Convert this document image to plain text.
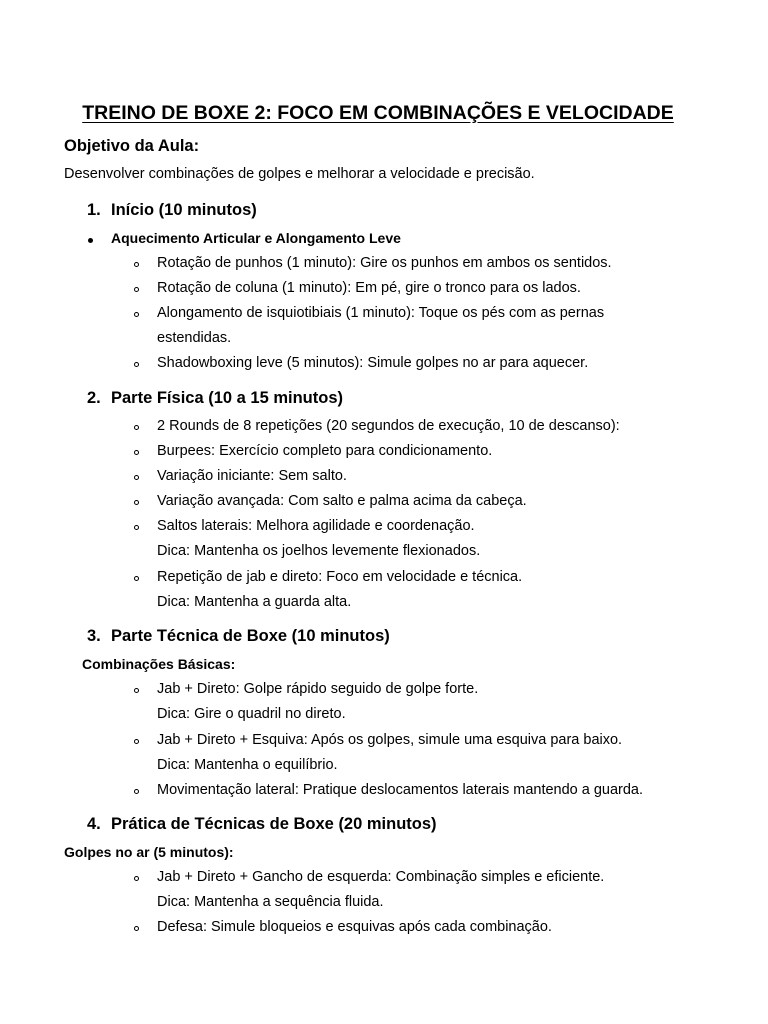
TREINO DE BOXE 2: FOCO EM COMBINAÇÕES E VELOCIDADE
Objetivo da Aula:
Desenvolver combinações de golpes e melhorar a velocidade e precisão.
1. Início (10 minutos)
Aquecimento Articular e Alongamento Leve
Rotação de punhos (1 minuto): Gire os punhos em ambos os sentidos.
Rotação de coluna (1 minuto): Em pé, gire o tronco para os lados.
Alongamento de isquiotibiais (1 minuto): Toque os pés com as pernas
estendidas.
Shadowboxing leve (5 minutos): Simule golpes no ar para aquecer.
2. Parte Física (10 a 15 minutos)
2 Rounds de 8 repetições (20 segundos de execução, 10 de descanso):
Burpees: Exercício completo para condicionamento.
Variação iniciante: Sem salto.
Variação avançada: Com salto e palma acima da cabeça.
Saltos laterais: Melhora agilidade e coordenação.
Dica: Mantenha os joelhos levemente flexionados.
Repetição de jab e direto: Foco em velocidade e técnica.
Dica: Mantenha a guarda alta.
3. Parte Técnica de Boxe (10 minutos)
Combinações Básicas:
Jab + Direto: Golpe rápido seguido de golpe forte.
Dica: Gire o quadril no direto.
Jab + Direto + Esquiva: Após os golpes, simule uma esquiva para baixo.
Dica: Mantenha o equilíbrio.
Movimentação lateral: Pratique deslocamentos laterais mantendo a guarda.
4. Prática de Técnicas de Boxe (20 minutos)
Golpes no ar (5 minutos):
Jab + Direto + Gancho de esquerda: Combinação simples e eficiente.
Dica: Mantenha a sequência fluida.
Defesa: Simule bloqueios e esquivas após cada combinação.
